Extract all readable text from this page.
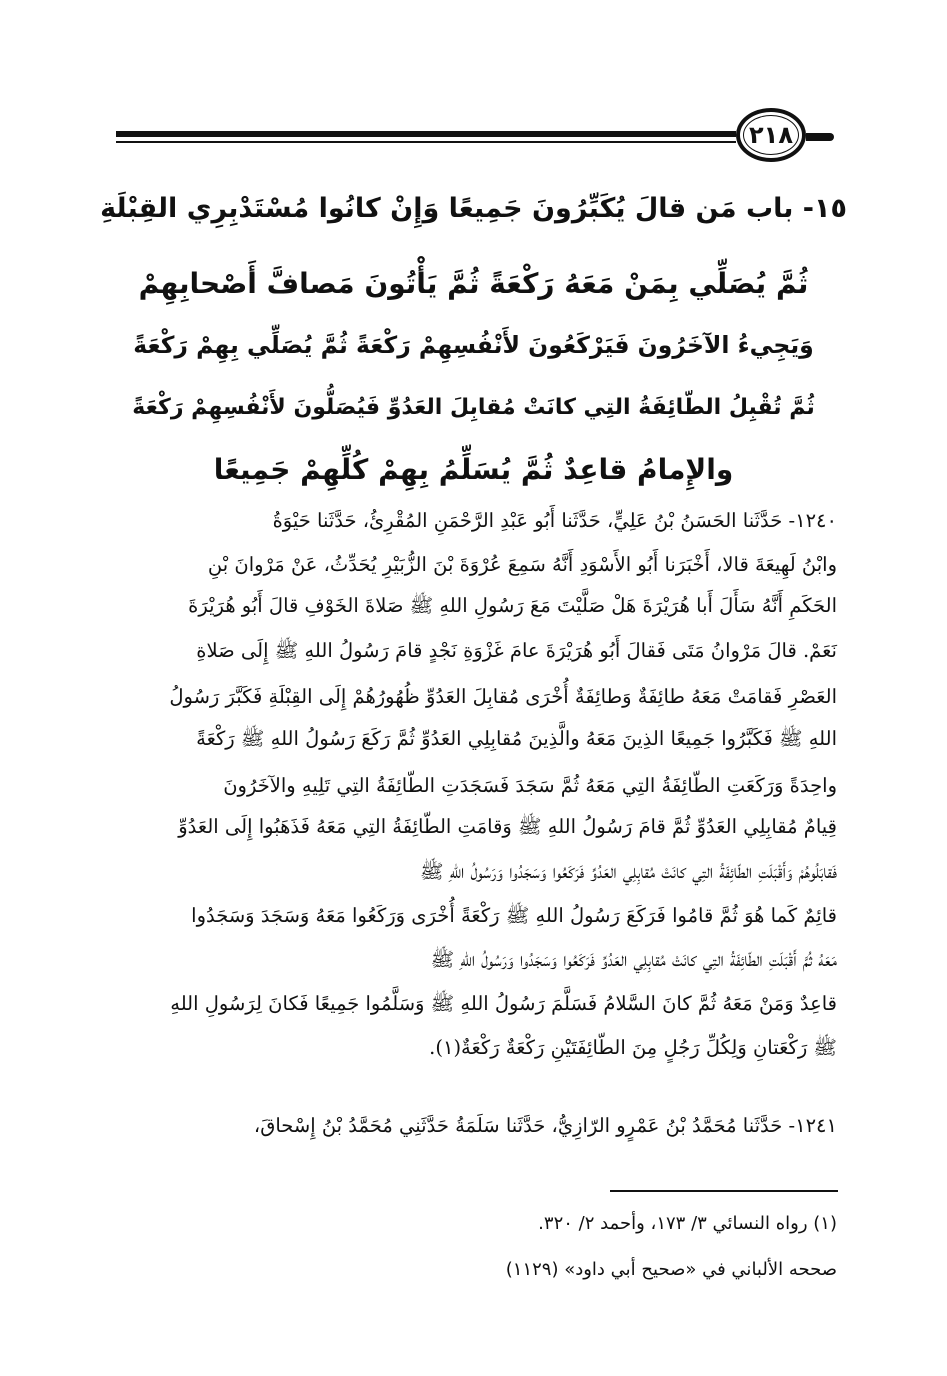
٢١٨
١٥- باب مَن قالَ يُكَبِّرُونَ جَمِيعًا وَإِنْ كانُوا مُسْتَدْبِرِي القِبْلَةِ
ثُمَّ يُصَلِّي بِمَنْ مَعَهُ رَكْعَةً ثُمَّ يَأْتُونَ مَصافَّ أَصْحابِهِمْ
وَيَجِيءُ الآخَرُونَ فَيَرْكَعُونَ لأَنْفُسِهِمْ رَكْعَةً ثُمَّ يُصَلِّي بِهِمْ رَكْعَةً
ثُمَّ تُقْبِلُ الطّائِفَةُ التِي كانَتْ مُقابِلَ العَدُوِّ فَيُصَلُّونَ لأَنْفُسِهِمْ رَكْعَةً
والإِمامُ قاعِدٌ ثُمَّ يُسَلِّمُ بِهِمْ كُلِّهِمْ جَمِيعًا
١٢٤٠- حَدَّثَنا الحَسَنُ بْنُ عَلِيٍّ، حَدَّثَنا أَبُو عَبْدِ الرَّحْمَنِ المُقْرِئُ، حَدَّثَنا حَيْوَةُ
وابْنُ لَهِيعَةَ قالا، أَخْبَرَنا أَبُو الأَسْوَدِ أَنَّهُ سَمِعَ عُرْوَةَ بْنَ الزُّبَيْرِ يُحَدِّثُ، عَنْ مَرْوانَ بْنِ
الحَكَمِ أَنَّهُ سَأَلَ أَبا هُرَيْرَةَ هَلْ صَلَّيْتَ مَعَ رَسُولِ اللهِ ﷺ صَلاةَ الخَوْفِ قالَ أَبُو هُرَيْرَةَ
نَعَمْ. قالَ مَرْوانُ مَتَى فَقالَ أَبُو هُرَيْرَةَ عامَ غَزْوَةِ نَجْدٍ قامَ رَسُولُ اللهِ ﷺ إِلَى صَلاةِ
العَصْرِ فَقامَتْ مَعَهُ طائِفَةٌ وَطائِفَةٌ أُخْرَى مُقابِلَ العَدُوِّ ظُهُورُهُمْ إِلَى القِبْلَةِ فَكَبَّرَ رَسُولُ
اللهِ ﷺ فَكَبَّرُوا جَمِيعًا الذِينَ مَعَهُ والَّذِينَ مُقابِلِي العَدُوِّ ثُمَّ رَكَعَ رَسُولُ اللهِ ﷺ رَكْعَةً
واحِدَةً وَرَكَعَتِ الطّائِفَةُ التِي مَعَهُ ثُمَّ سَجَدَ فَسَجَدَتِ الطّائِفَةُ التِي تَلِيهِ والآخَرُونَ
قِيامٌ مُقابِلِي العَدُوِّ ثُمَّ قامَ رَسُولُ اللهِ ﷺ وَقامَتِ الطّائِفَةُ التِي مَعَهُ فَذَهَبُوا إِلَى العَدُوِّ
فَقابَلُوهُمْ وَأَقْبَلَتِ الطّائِفَةُ التِي كانَتْ مُقابِلِي العَدُوِّ فَرَكَعُوا وَسَجَدُوا وَرَسُولُ اللهِ ﷺ
قائِمٌ كَما هُوَ ثُمَّ قامُوا فَرَكَعَ رَسُولُ اللهِ ﷺ رَكْعَةً أُخْرَى وَرَكَعُوا مَعَهُ وَسَجَدَ وَسَجَدُوا
مَعَهُ ثُمَّ أَقْبَلَتِ الطّائِفَةُ التِي كانَتْ مُقابِلِي العَدُوِّ فَرَكَعُوا وَسَجَدُوا وَرَسُولُ اللهِ ﷺ
قاعِدٌ وَمَنْ مَعَهُ ثُمَّ كانَ السَّلامُ فَسَلَّمَ رَسُولُ اللهِ ﷺ وَسَلَّمُوا جَمِيعًا فَكانَ لِرَسُولِ اللهِ
ﷺ رَكْعَتانِ وَلِكُلِّ رَجُلٍ مِنَ الطّائِفَتَيْنِ رَكْعَةٌ رَكْعَةٌ(١).
١٢٤١- حَدَّثَنا مُحَمَّدُ بْنُ عَمْرٍو الرّازِيُّ، حَدَّثَنا سَلَمَةُ حَدَّثَنِي مُحَمَّدُ بْنُ إِسْحاقَ،
(١) رواه النسائي ٣/ ١٧٣، وأحمد ٢/ ٣٢٠.
صححه الألباني في «صحيح أبي داود» (١١٢٩)
